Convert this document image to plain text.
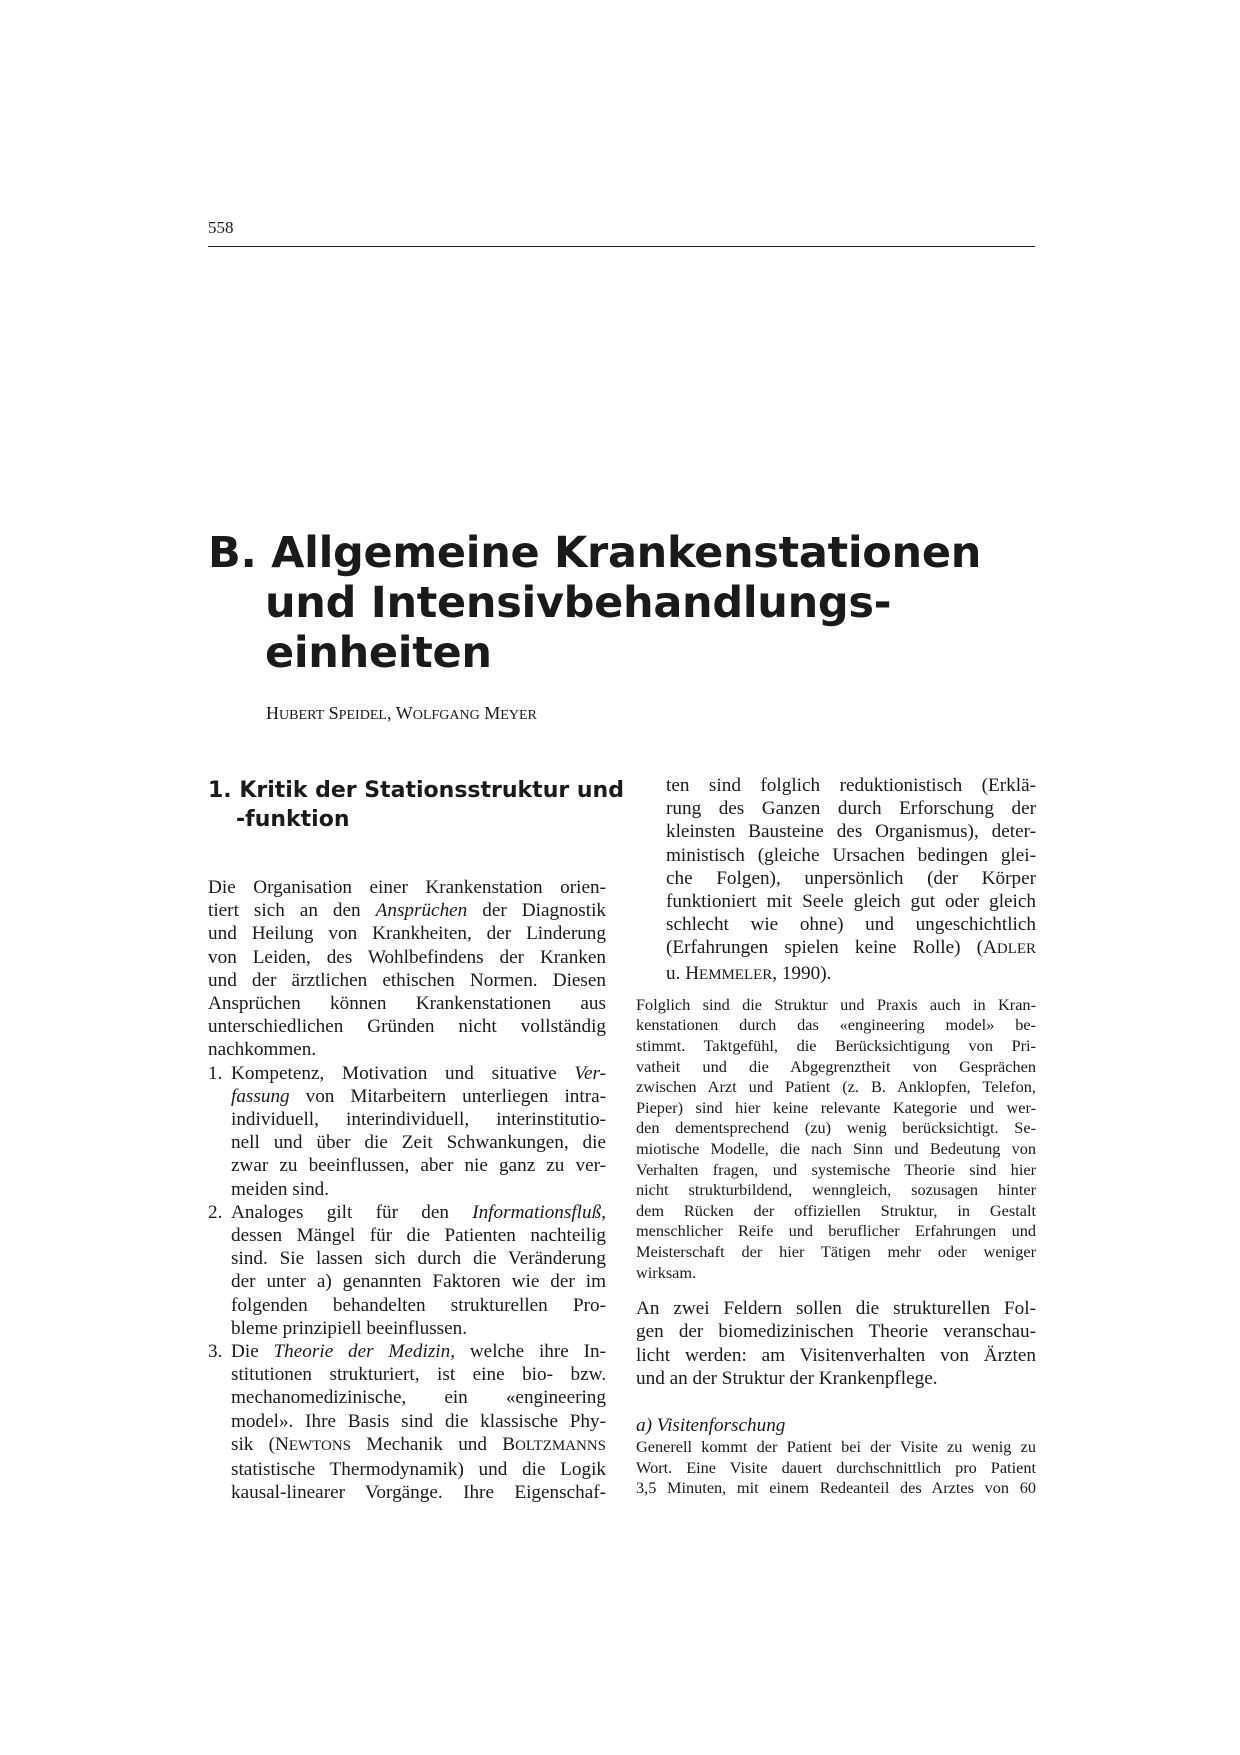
558
B. Allgemeine Krankenstationen
und Intensivbehandlungs-
einheiten
HUBERT SPEIDEL, WOLFGANG MEYER
1. Kritik der Stationsstruktur und
-funktion
Die Organisation einer Krankenstation orien-
tiert sich an den Ansprüchen der Diagnostik
und Heilung von Krankheiten, der Linderung
von Leiden, des Wohlbefindens der Kranken
und der ärztlichen ethischen Normen. Diesen
Ansprüchen können Krankenstationen aus
unterschiedlichen Gründen nicht vollständig
nachkommen.
1. Kompetenz, Motivation und situative Ver-
fassung von Mitarbeitern unterliegen intra-
individuell, interindividuell, interinstitutio-
nell und über die Zeit Schwankungen, die
zwar zu beeinflussen, aber nie ganz zu ver-
meiden sind.
2. Analoges gilt für den Informationsfluß,
dessen Mängel für die Patienten nachteilig
sind. Sie lassen sich durch die Veränderung
der unter a) genannten Faktoren wie der im
folgenden behandelten strukturellen Pro-
bleme prinzipiell beeinflussen.
3. Die Theorie der Medizin, welche ihre In-
stitutionen strukturiert, ist eine bio- bzw.
mechanomedizinische, ein «engineering
model». Ihre Basis sind die klassische Phy-
sik (NEWTONS Mechanik und BOLTZMANNS
statistische Thermodynamik) und die Logik
kausal-linearer Vorgänge. Ihre Eigenschaf-
ten sind folglich reduktionistisch (Erklä-
rung des Ganzen durch Erforschung der
kleinsten Bausteine des Organismus), deter-
ministisch (gleiche Ursachen bedingen glei-
che Folgen), unpersönlich (der Körper
funktioniert mit Seele gleich gut oder gleich
schlecht wie ohne) und ungeschichtlich
(Erfahrungen spielen keine Rolle) (ADLER
u. HEMMELER, 1990).
Folglich sind die Struktur und Praxis auch in Kran-
kenstationen durch das «engineering model» be-
stimmt. Taktgefühl, die Berücksichtigung von Pri-
vatheit und die Abgegrenztheit von Gesprächen
zwischen Arzt und Patient (z. B. Anklopfen, Telefon,
Pieper) sind hier keine relevante Kategorie und wer-
den dementsprechend (zu) wenig berücksichtigt. Se-
miotische Modelle, die nach Sinn und Bedeutung von
Verhalten fragen, und systemische Theorie sind hier
nicht strukturbildend, wenngleich, sozusagen hinter
dem Rücken der offiziellen Struktur, in Gestalt
menschlicher Reife und beruflicher Erfahrungen und
Meisterschaft der hier Tätigen mehr oder weniger
wirksam.
An zwei Feldern sollen die strukturellen Fol-
gen der biomedizinischen Theorie veranschau-
licht werden: am Visitenverhalten von Ärzten
und an der Struktur der Krankenpflege.
a) Visitenforschung
Generell kommt der Patient bei der Visite zu wenig zu
Wort. Eine Visite dauert durchschnittlich pro Patient
3,5 Minuten, mit einem Redeanteil des Arztes von 60
